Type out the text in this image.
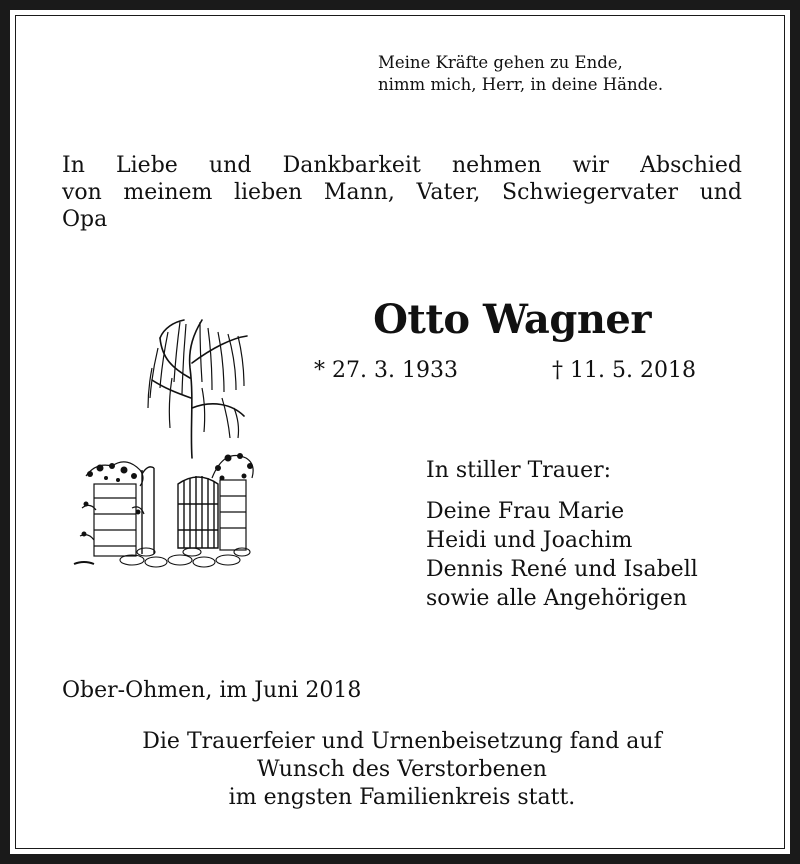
Meine Kräfte gehen zu Ende,
nimm mich, Herr, in deine Hände.
In Liebe und Dankbarkeit nehmen wir Abschied
von meinem lieben Mann, Vater, Schwiegervater und
Opa
Otto Wagner
* 27. 3. 1933	† 11. 5. 2018
In stiller Trauer:
Deine Frau Marie
Heidi und Joachim
Dennis René und Isabell
sowie alle Angehörigen
Ober-Ohmen, im Juni 2018
Die Trauerfeier und Urnenbeisetzung fand auf
Wunsch des Verstorbenen
im engsten Familienkreis statt.
